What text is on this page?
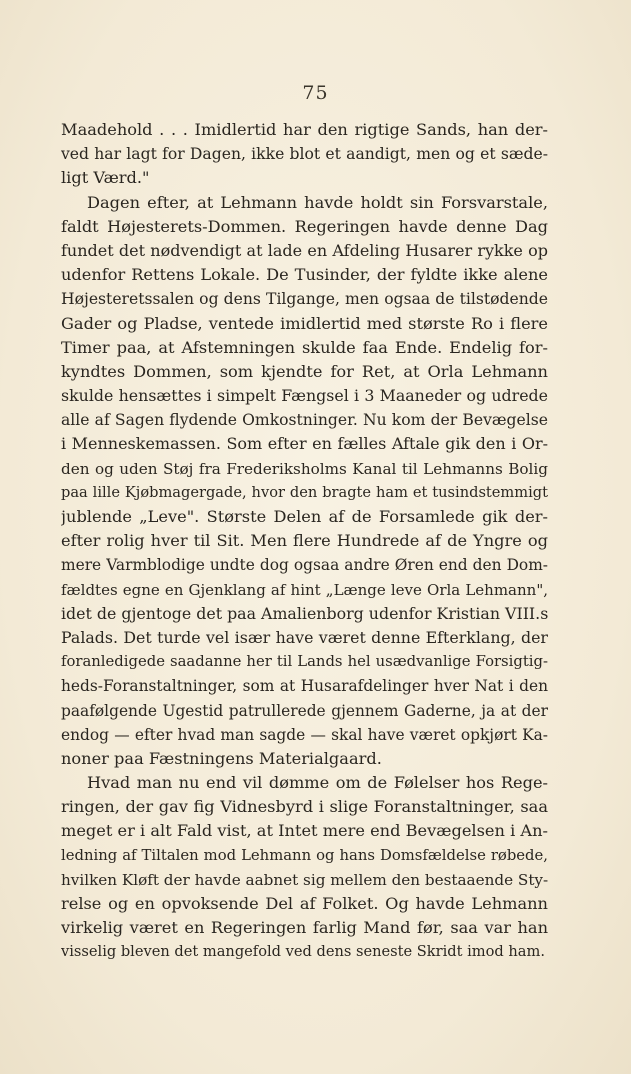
75
Maadehold . . . Imidlertid har den rigtige Sands, han der-
ved har lagt for Dagen, ikke blot et aandigt, men og et sæde-
ligt Værd."
Dagen efter, at Lehmann havde holdt sin Forsvarstale,
faldt Højesterets-Dommen. Regeringen havde denne Dag
fundet det nødvendigt at lade en Afdeling Husarer rykke op
udenfor Rettens Lokale. De Tusinder, der fyldte ikke alene
Højesteretssalen og dens Tilgange, men ogsaa de tilstødende
Gader og Pladse, ventede imidlertid med største Ro i flere
Timer paa, at Afstemningen skulde faa Ende. Endelig for-
kyndtes Dommen, som kjendte for Ret, at Orla Lehmann
skulde hensættes i simpelt Fængsel i 3 Maaneder og udrede
alle af Sagen flydende Omkostninger. Nu kom der Bevægelse
i Menneskemassen. Som efter en fælles Aftale gik den i Or-
den og uden Støj fra Frederiksholms Kanal til Lehmanns Bolig
paa lille Kjøbmagergade, hvor den bragte ham et tusindstemmigt
jublende „Leve". Største Delen af de Forsamlede gik der-
efter rolig hver til Sit. Men flere Hundrede af de Yngre og
mere Varmblodige undte dog ogsaa andre Øren end den Dom-
fældtes egne en Gjenklang af hint „Længe leve Orla Lehmann",
idet de gjentoge det paa Amalienborg udenfor Kristian VIII.s
Palads. Det turde vel især have været denne Efterklang, der
foranledigede saadanne her til Lands hel usædvanlige Forsigtig-
heds-Foranstaltninger, som at Husarafdelinger hver Nat i den
paafølgende Ugestid patrullerede gjennem Gaderne, ja at der
endog — efter hvad man sagde — skal have været opkjørt Ka-
noner paa Fæstningens Materialgaard.
Hvad man nu end vil dømme om de Følelser hos Rege-
ringen, der gav fig Vidnesbyrd i slige Foranstaltninger, saa
meget er i alt Fald vist, at Intet mere end Bevægelsen i An-
ledning af Tiltalen mod Lehmann og hans Domsfældelse røbede,
hvilken Kløft der havde aabnet sig mellem den bestaaende Sty-
relse og en opvoksende Del af Folket. Og havde Lehmann
virkelig været en Regeringen farlig Mand før, saa var han
visselig bleven det mangefold ved dens seneste Skridt imod ham.
